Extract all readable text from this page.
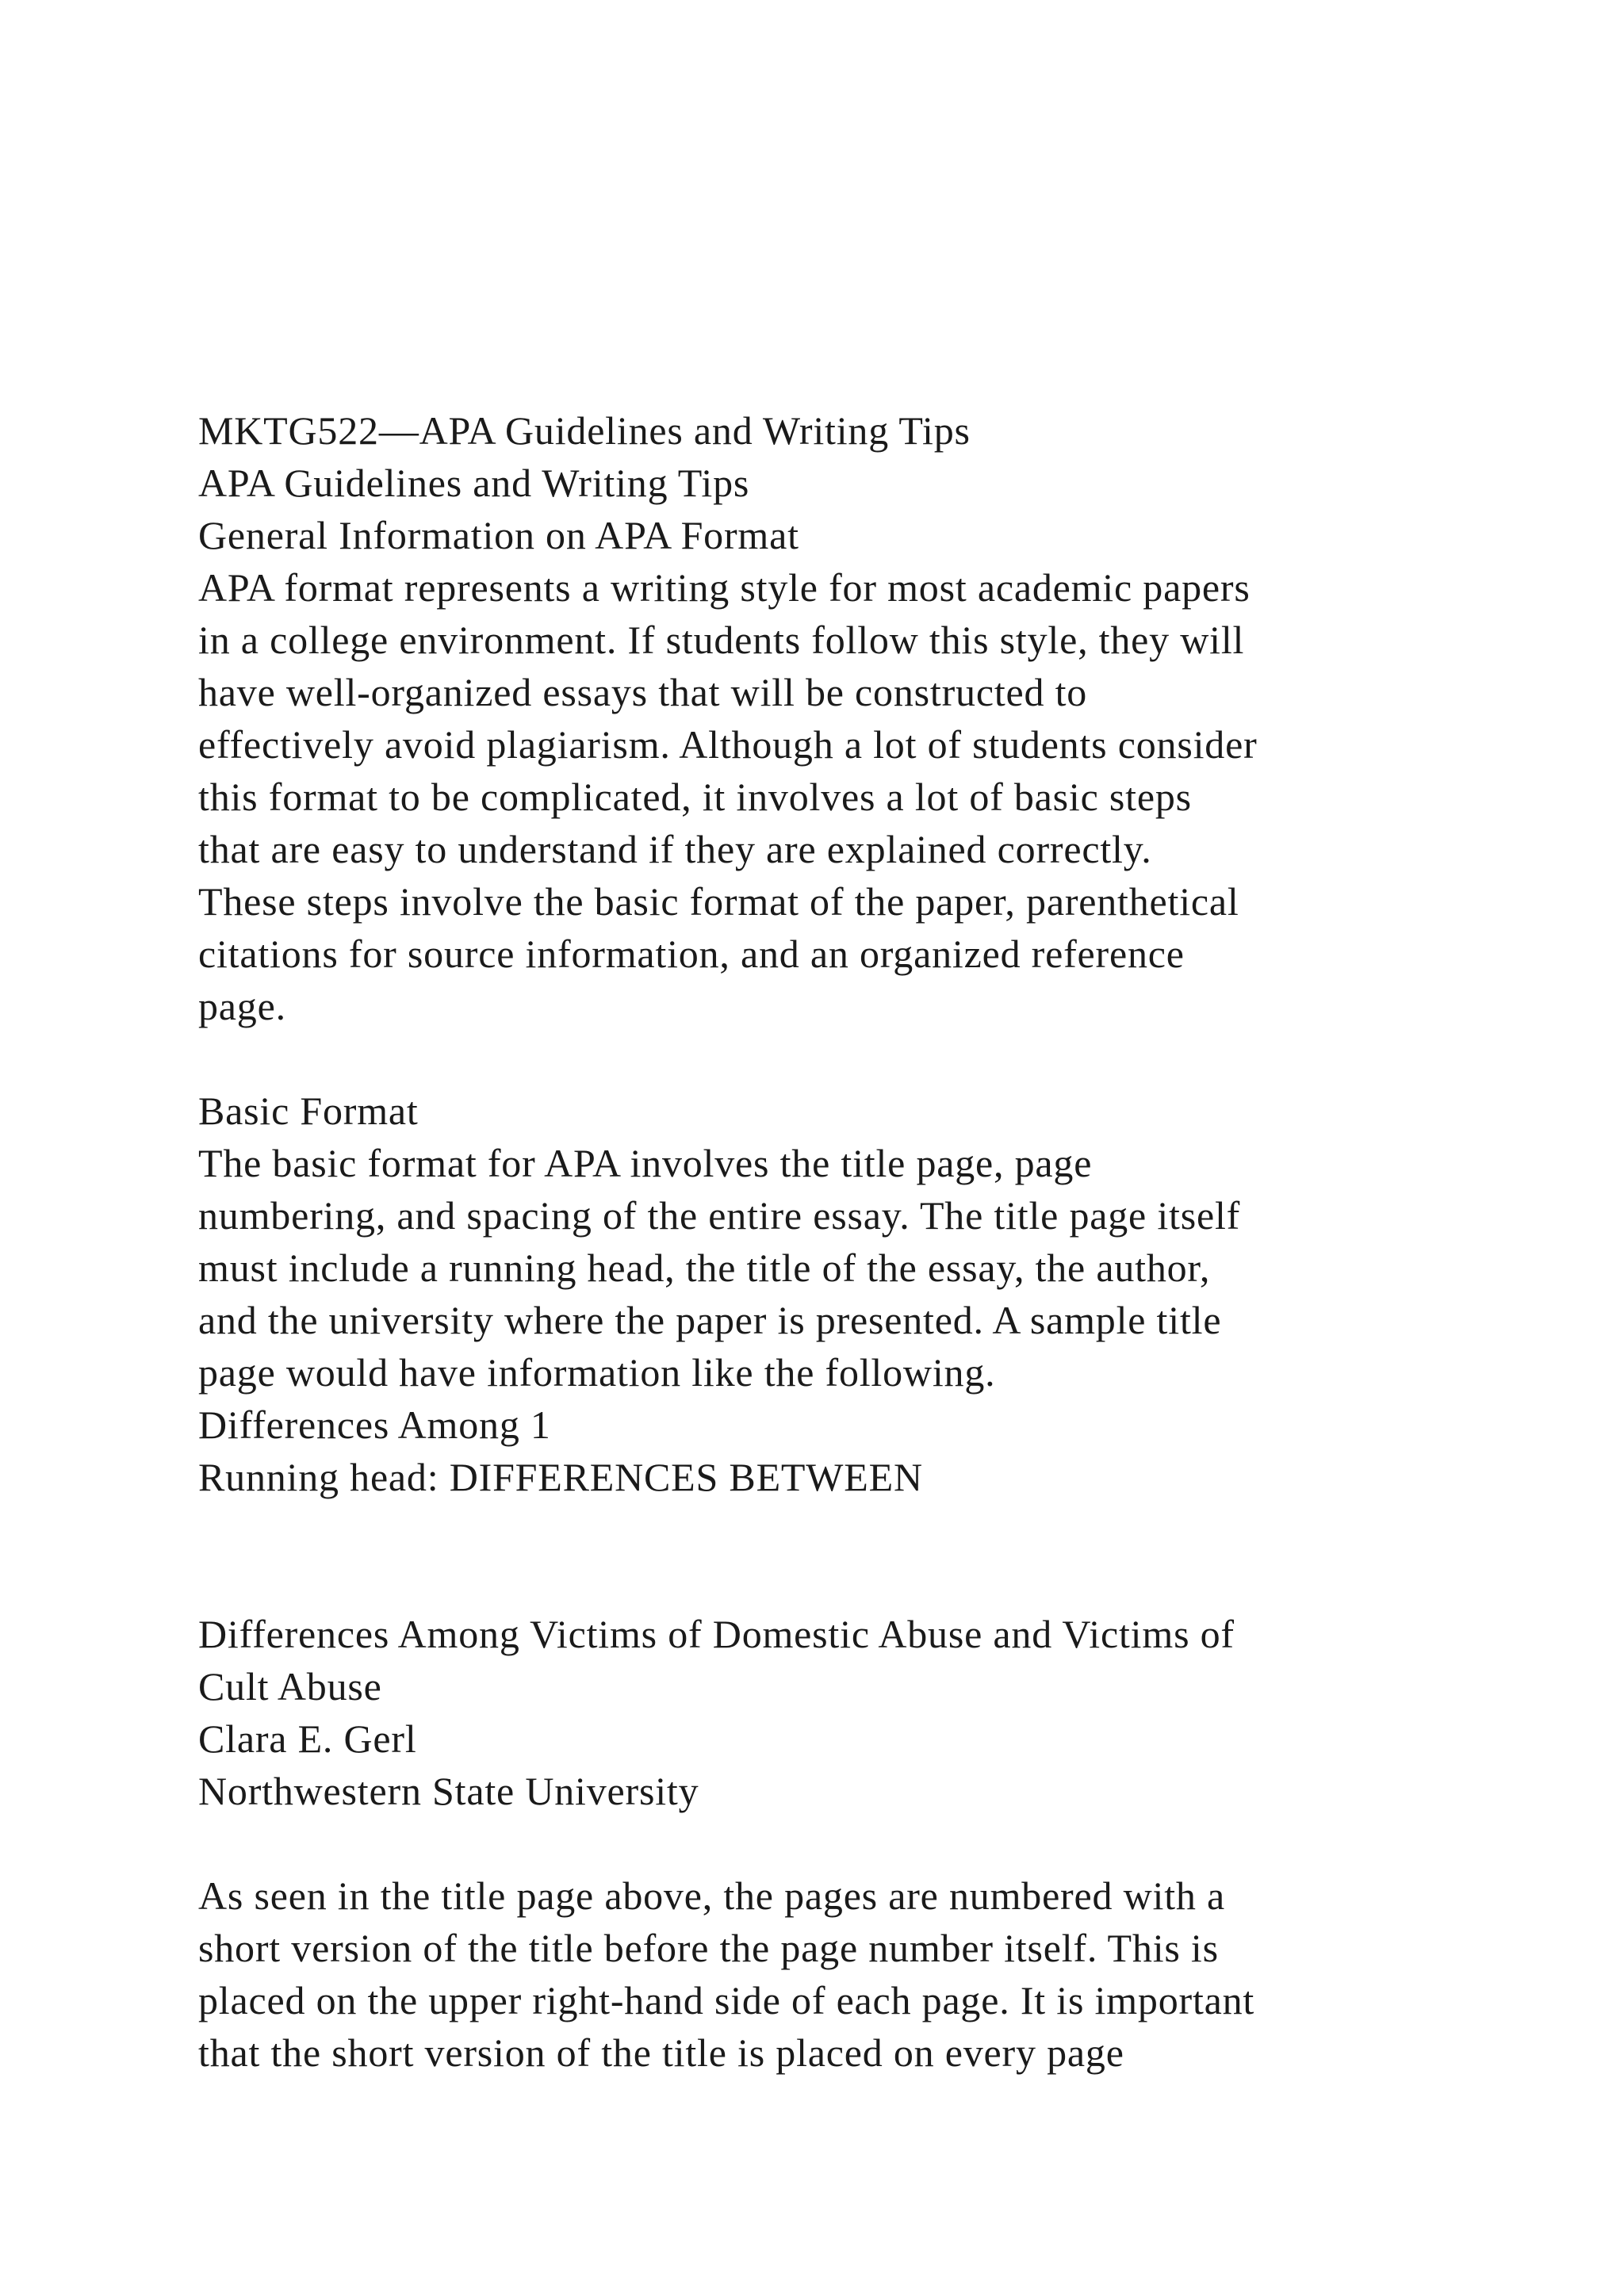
MKTG522—APA Guidelines and Writing Tips
APA Guidelines and Writing Tips
General Information on APA Format
APA format represents a writing style for most academic papers
in a college environment. If students follow this style, they will
have well-organized essays that will be constructed to
effectively avoid plagiarism. Although a lot of students consider
this format to be complicated, it involves a lot of basic steps
that are easy to understand if they are explained correctly.
These steps involve the basic format of the paper, parenthetical
citations for source information, and an organized reference
page.
Basic Format
The basic format for APA involves the title page, page
numbering, and spacing of the entire essay. The title page itself
must include a running head, the title of the essay, the author,
and the university where the paper is presented. A sample title
page would have information like the following.
Differences Among 1
Running head: DIFFERENCES BETWEEN
Differences Among Victims of Domestic Abuse and Victims of
Cult Abuse
Clara E. Gerl
Northwestern State University
As seen in the title page above, the pages are numbered with a
short version of the title before the page number itself. This is
placed on the upper right-hand side of each page. It is important
that the short version of the title is placed on every page
